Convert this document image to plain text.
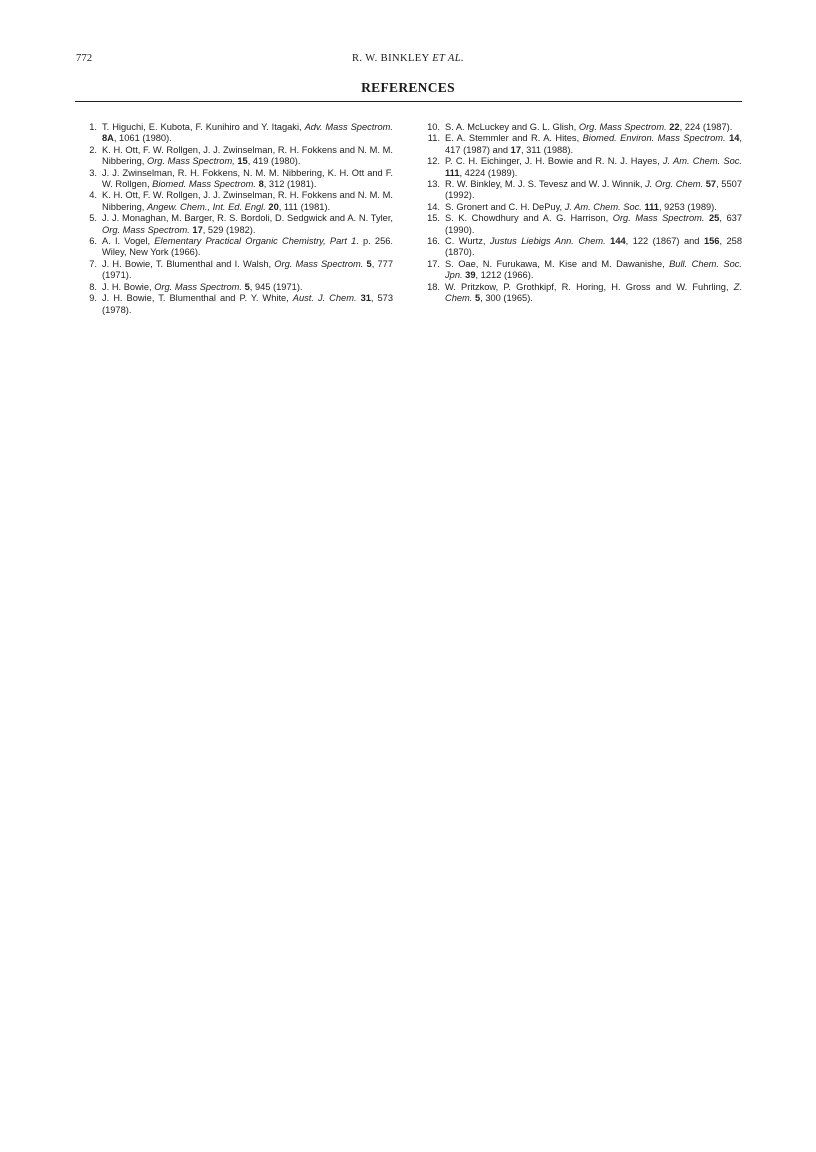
772	R. W. BINKLEY ET AL.
REFERENCES
1. T. Higuchi, E. Kubota, F. Kunihiro and Y. Itagaki, Adv. Mass Spectrom. 8A, 1061 (1980).
2. K. H. Ott, F. W. Rollgen, J. J. Zwinselman, R. H. Fokkens and N. M. M. Nibbering, Org. Mass Spectrom, 15, 419 (1980).
3. J. J. Zwinselman, R. H. Fokkens, N. M. M. Nibbering, K. H. Ott and F. W. Rollgen, Biomed. Mass Spectrom. 8, 312 (1981).
4. K. H. Ott, F. W. Rollgen, J. J. Zwinselman, R. H. Fokkens and N. M. M. Nibbering, Angew. Chem., Int. Ed. Engl. 20, 111 (1981).
5. J. J. Monaghan, M. Barger, R. S. Bordoli, D. Sedgwick and A. N. Tyler, Org. Mass Spectrom. 17, 529 (1982).
6. A. I. Vogel, Elementary Practical Organic Chemistry, Part 1. p. 256. Wiley, New York (1966).
7. J. H. Bowie, T. Blumenthal and I. Walsh, Org. Mass Spectrom. 5, 777 (1971).
8. J. H. Bowie, Org. Mass Spectrom. 5, 945 (1971).
9. J. H. Bowie, T. Blumenthal and P. Y. White, Aust. J. Chem. 31, 573 (1978).
10. S. A. McLuckey and G. L. Glish, Org. Mass Spectrom. 22, 224 (1987).
11. E. A. Stemmler and R. A. Hites, Biomed. Environ. Mass Spectrom. 14, 417 (1987) and 17, 311 (1988).
12. P. C. H. Eichinger, J. H. Bowie and R. N. J. Hayes, J. Am. Chem. Soc. 111, 4224 (1989).
13. R. W. Binkley, M. J. S. Tevesz and W. J. Winnik, J. Org. Chem. 57, 5507 (1992).
14. S. Gronert and C. H. DePuy, J. Am. Chem. Soc. 111, 9253 (1989).
15. S. K. Chowdhury and A. G. Harrison, Org. Mass Spectrom. 25, 637 (1990).
16. C. Wurtz, Justus Liebigs Ann. Chem. 144, 122 (1867) and 156, 258 (1870).
17. S. Oae, N. Furukawa, M. Kise and M. Dawanishe, Bull. Chem. Soc. Jpn. 39, 1212 (1966).
18. W. Pritzkow, P. Grothkipf, R. Horing, H. Gross and W. Fuhrling, Z. Chem. 5, 300 (1965).
